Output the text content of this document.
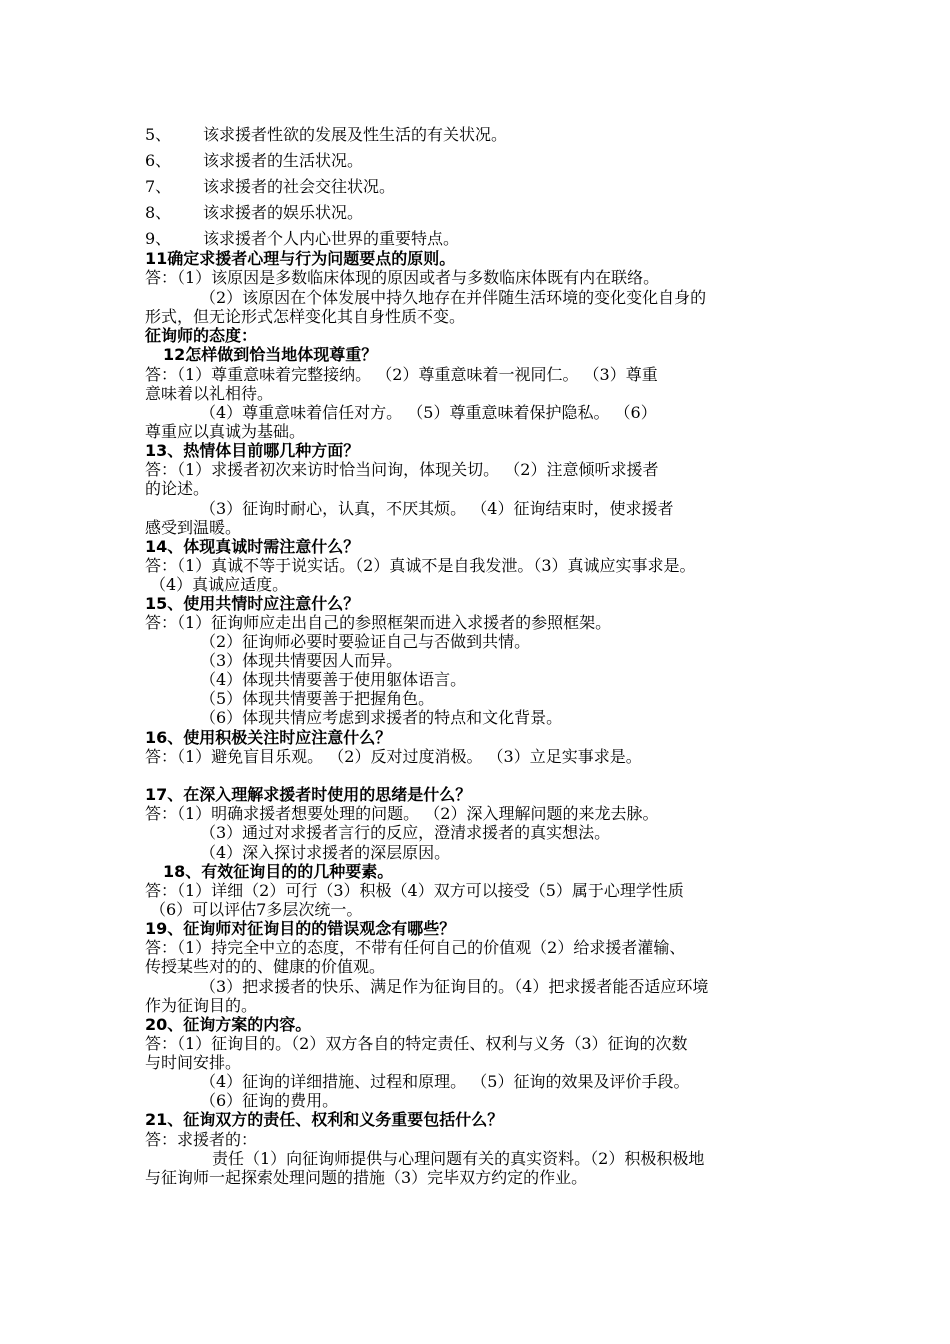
5、 该求援者性欲的发展及性生活的有关状况。
6、 该求援者的生活状况。
7、 该求援者的社会交往状况。
8、 该求援者的娱乐状况。
9、 该求援者个人内心世界的重要特点。
11确定求援者心理与行为问题要点的原则。
答：（1）该原因是多数临床体现的原因或者与多数临床体既有内在联络。
（2）该原因在个体发展中持久地存在并伴随生活环境的变化变化自身的
形式，但无论形式怎样变化其自身性质不变。
征询师的态度：
12怎样做到恰当地体现尊重？
答：（1）尊重意味着完整接纳。 （2）尊重意味着一视同仁。 （3）尊重
意味着以礼相待。
（4）尊重意味着信任对方。 （5）尊重意味着保护隐私。 （6）
尊重应以真诚为基础。
13、热情体目前哪几种方面？
答：（1）求援者初次来访时恰当问询，体现关切。 （2）注意倾听求援者
的论述。
（3）征询时耐心，认真，不厌其烦。 （4）征询结束时，使求援者
感受到温暖。
14、体现真诚时需注意什么？
答：（1）真诚不等于说实话。（2）真诚不是自我发泄。（3）真诚应实事求是。
（4）真诚应适度。
15、使用共情时应注意什么？
答：（1）征询师应走出自己的参照框架而进入求援者的参照框架。
（2）征询师必要时要验证自己与否做到共情。
（3）体现共情要因人而异。
（4）体现共情要善于使用躯体语言。
（5）体现共情要善于把握角色。
（6）体现共情应考虑到求援者的特点和文化背景。
16、使用积极关注时应注意什么？
答：（1）避免盲目乐观。 （2）反对过度消极。 （3）立足实事求是。
17、在深入理解求援者时使用的思绪是什么？
答：（1）明确求援者想要处理的问题。 （2）深入理解问题的来龙去脉。
（3）通过对求援者言行的反应，澄清求援者的真实想法。
（4）深入探讨求援者的深层原因。
18、有效征询目的的几种要素。
答：（1）详细（2）可行（3）积极（4）双方可以接受（5）属于心理学性质
（6）可以评估7多层次统一。
19、征询师对征询目的的错误观念有哪些？
答：（1）持完全中立的态度，不带有任何自己的价值观（2）给求援者灌输、
传授某些对的的、健康的价值观。
（3）把求援者的快乐、满足作为征询目的。（4）把求援者能否适应环境
作为征询目的。
20、征询方案的内容。
答：（1）征询目的。（2）双方各自的特定责任、权利与义务（3）征询的次数
与时间安排。
（4）征询的详细措施、过程和原理。 （5）征询的效果及评价手段。
（6）征询的费用。
21、征询双方的责任、权利和义务重要包括什么？
答：求援者的：
责任（1）向征询师提供与心理问题有关的真实资料。（2）积极积极地
与征询师一起探索处理问题的措施（3）完毕双方约定的作业。
